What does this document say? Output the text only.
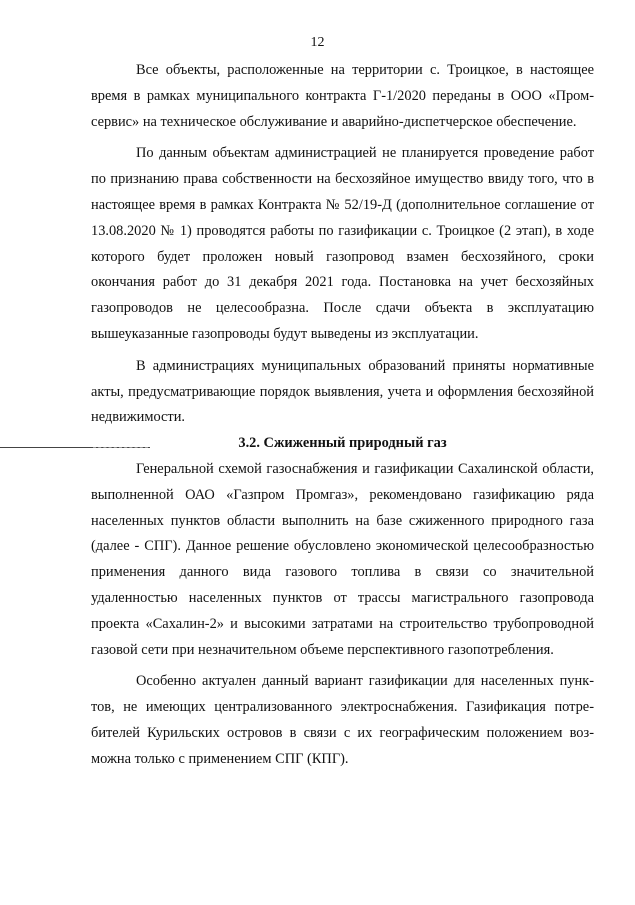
12

Все объекты, расположенные на территории с. Троицкое, в настоящее время в рамках муниципального контракта Г-1/2020 переданы в ООО «Промсервис» на техническое обслуживание и аварийно-диспетчерское обеспечение.

По данным объектам администрацией не планируется проведение работ по признанию права собственности на бесхозяйное имущество ввиду того, что в настоящее время в рамках Контракта № 52/19-Д (дополнительное соглашение от 13.08.2020 № 1) проводятся работы по газификации с. Троицкое (2 этап), в ходе которого будет проложен новый газопровод взамен бесхозяйного, сроки окончания работ до 31 декабря 2021 года. Постановка на учет бесхозяйных газопроводов не целесообразна. После сдачи объекта в эксплуатацию вышеуказанные газопроводы будут выведены из эксплуатации.

В администрациях муниципальных образований приняты нормативные акты, предусматривающие порядок выявления, учета и оформления бесхозяйной недвижимости.

3.2. Сжиженный природный газ

Генеральной схемой газоснабжения и газификации Сахалинской области, выполненной ОАО «Газпром Промгаз», рекомендовано газификацию ряда населенных пунктов области выполнить на базе сжиженного природного газа (далее - СПГ). Данное решение обусловлено экономической целесообразностью применения данного вида газового топлива в связи со значительной удаленностью населенных пунктов от трассы магистрального газопровода проекта «Сахалин-2» и высокими затратами на строительство трубопроводной газовой сети при незначительном объеме перспективного газопотребления.

Особенно актуален данный вариант газификации для населенных пунктов, не имеющих централизованного электроснабжения. Газификация потребителей Курильских островов в связи с их географическим положением возможна только с применением СПГ (КПГ).
